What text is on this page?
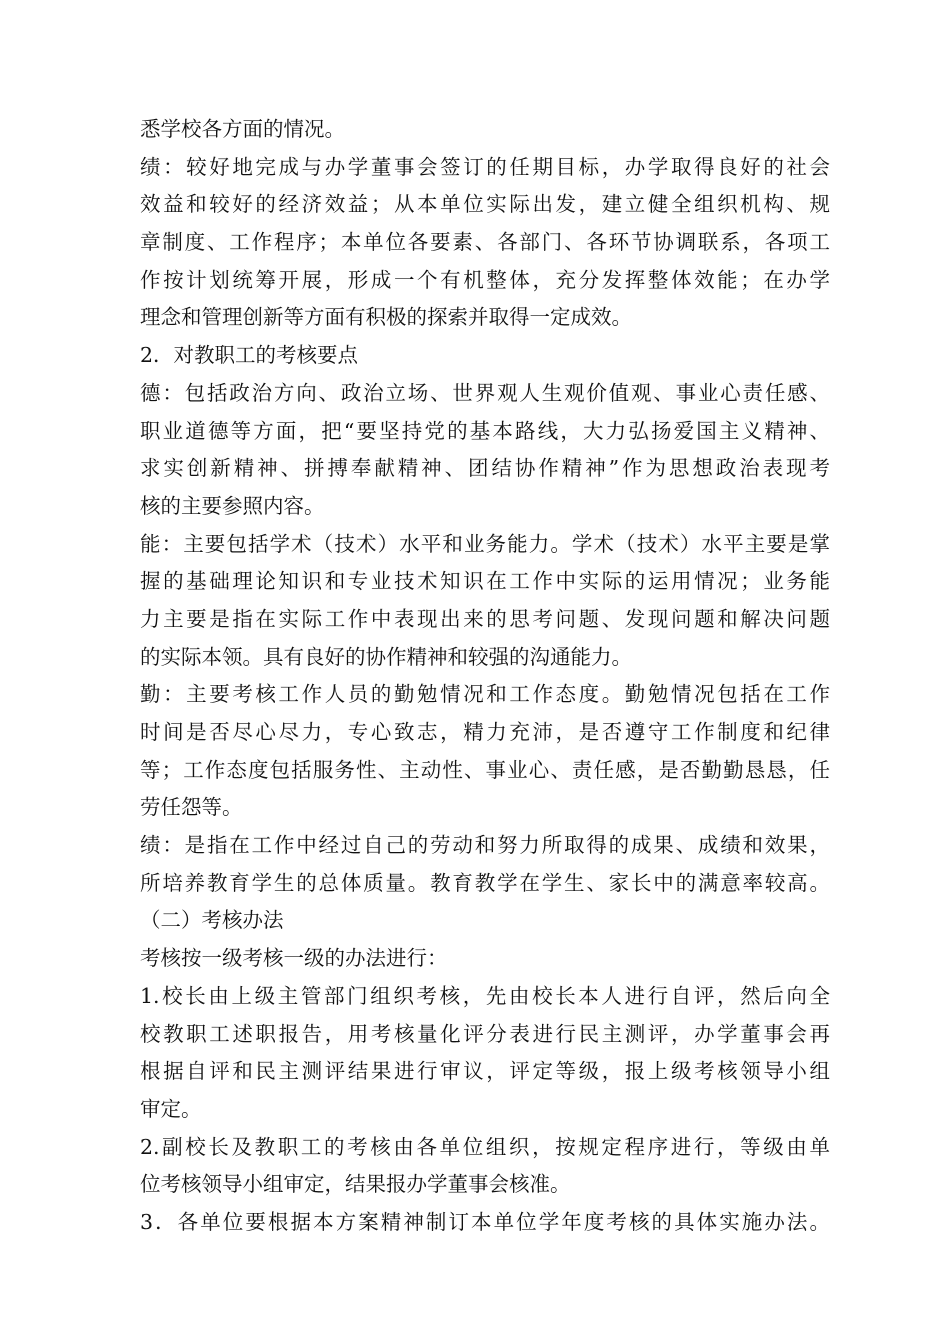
悉学校各方面的情况。
绩：较好地完成与办学董事会签订的任期目标，办学取得良好的社会
效益和较好的经济效益；从本单位实际出发，建立健全组织机构、规
章制度、工作程序；本单位各要素、各部门、各环节协调联系，各项工
作按计划统筹开展，形成一个有机整体，充分发挥整体效能；在办学
理念和管理创新等方面有积极的探索并取得一定成效。
2．对教职工的考核要点
德：包括政治方向、政治立场、世界观人生观价值观、事业心责任感、
职业道德等方面，把“要坚持党的基本路线，大力弘扬爱国主义精神、
求实创新精神、拼搏奉献精神、团结协作精神”作为思想政治表现考
核的主要参照内容。
能：主要包括学术（技术）水平和业务能力。学术（技术）水平主要是掌
握的基础理论知识和专业技术知识在工作中实际的运用情况；业务能
力主要是指在实际工作中表现出来的思考问题、发现问题和解决问题
的实际本领。具有良好的协作精神和较强的沟通能力。
勤：主要考核工作人员的勤勉情况和工作态度。勤勉情况包括在工作
时间是否尽心尽力，专心致志，精力充沛，是否遵守工作制度和纪律
等；工作态度包括服务性、主动性、事业心、责任感，是否勤勤恳恳，任
劳任怨等。
绩：是指在工作中经过自己的劳动和努力所取得的成果、成绩和效果，
所培养教育学生的总体质量。教育教学在学生、家长中的满意率较高。
（二）考核办法
考核按一级考核一级的办法进行：
1.校长由上级主管部门组织考核，先由校长本人进行自评，然后向全
校教职工述职报告，用考核量化评分表进行民主测评，办学董事会再
根据自评和民主测评结果进行审议，评定等级，报上级考核领导小组
审定。
2.副校长及教职工的考核由各单位组织，按规定程序进行，等级由单
位考核领导小组审定，结果报办学董事会核准。
3．各单位要根据本方案精神制订本单位学年度考核的具体实施办法。
